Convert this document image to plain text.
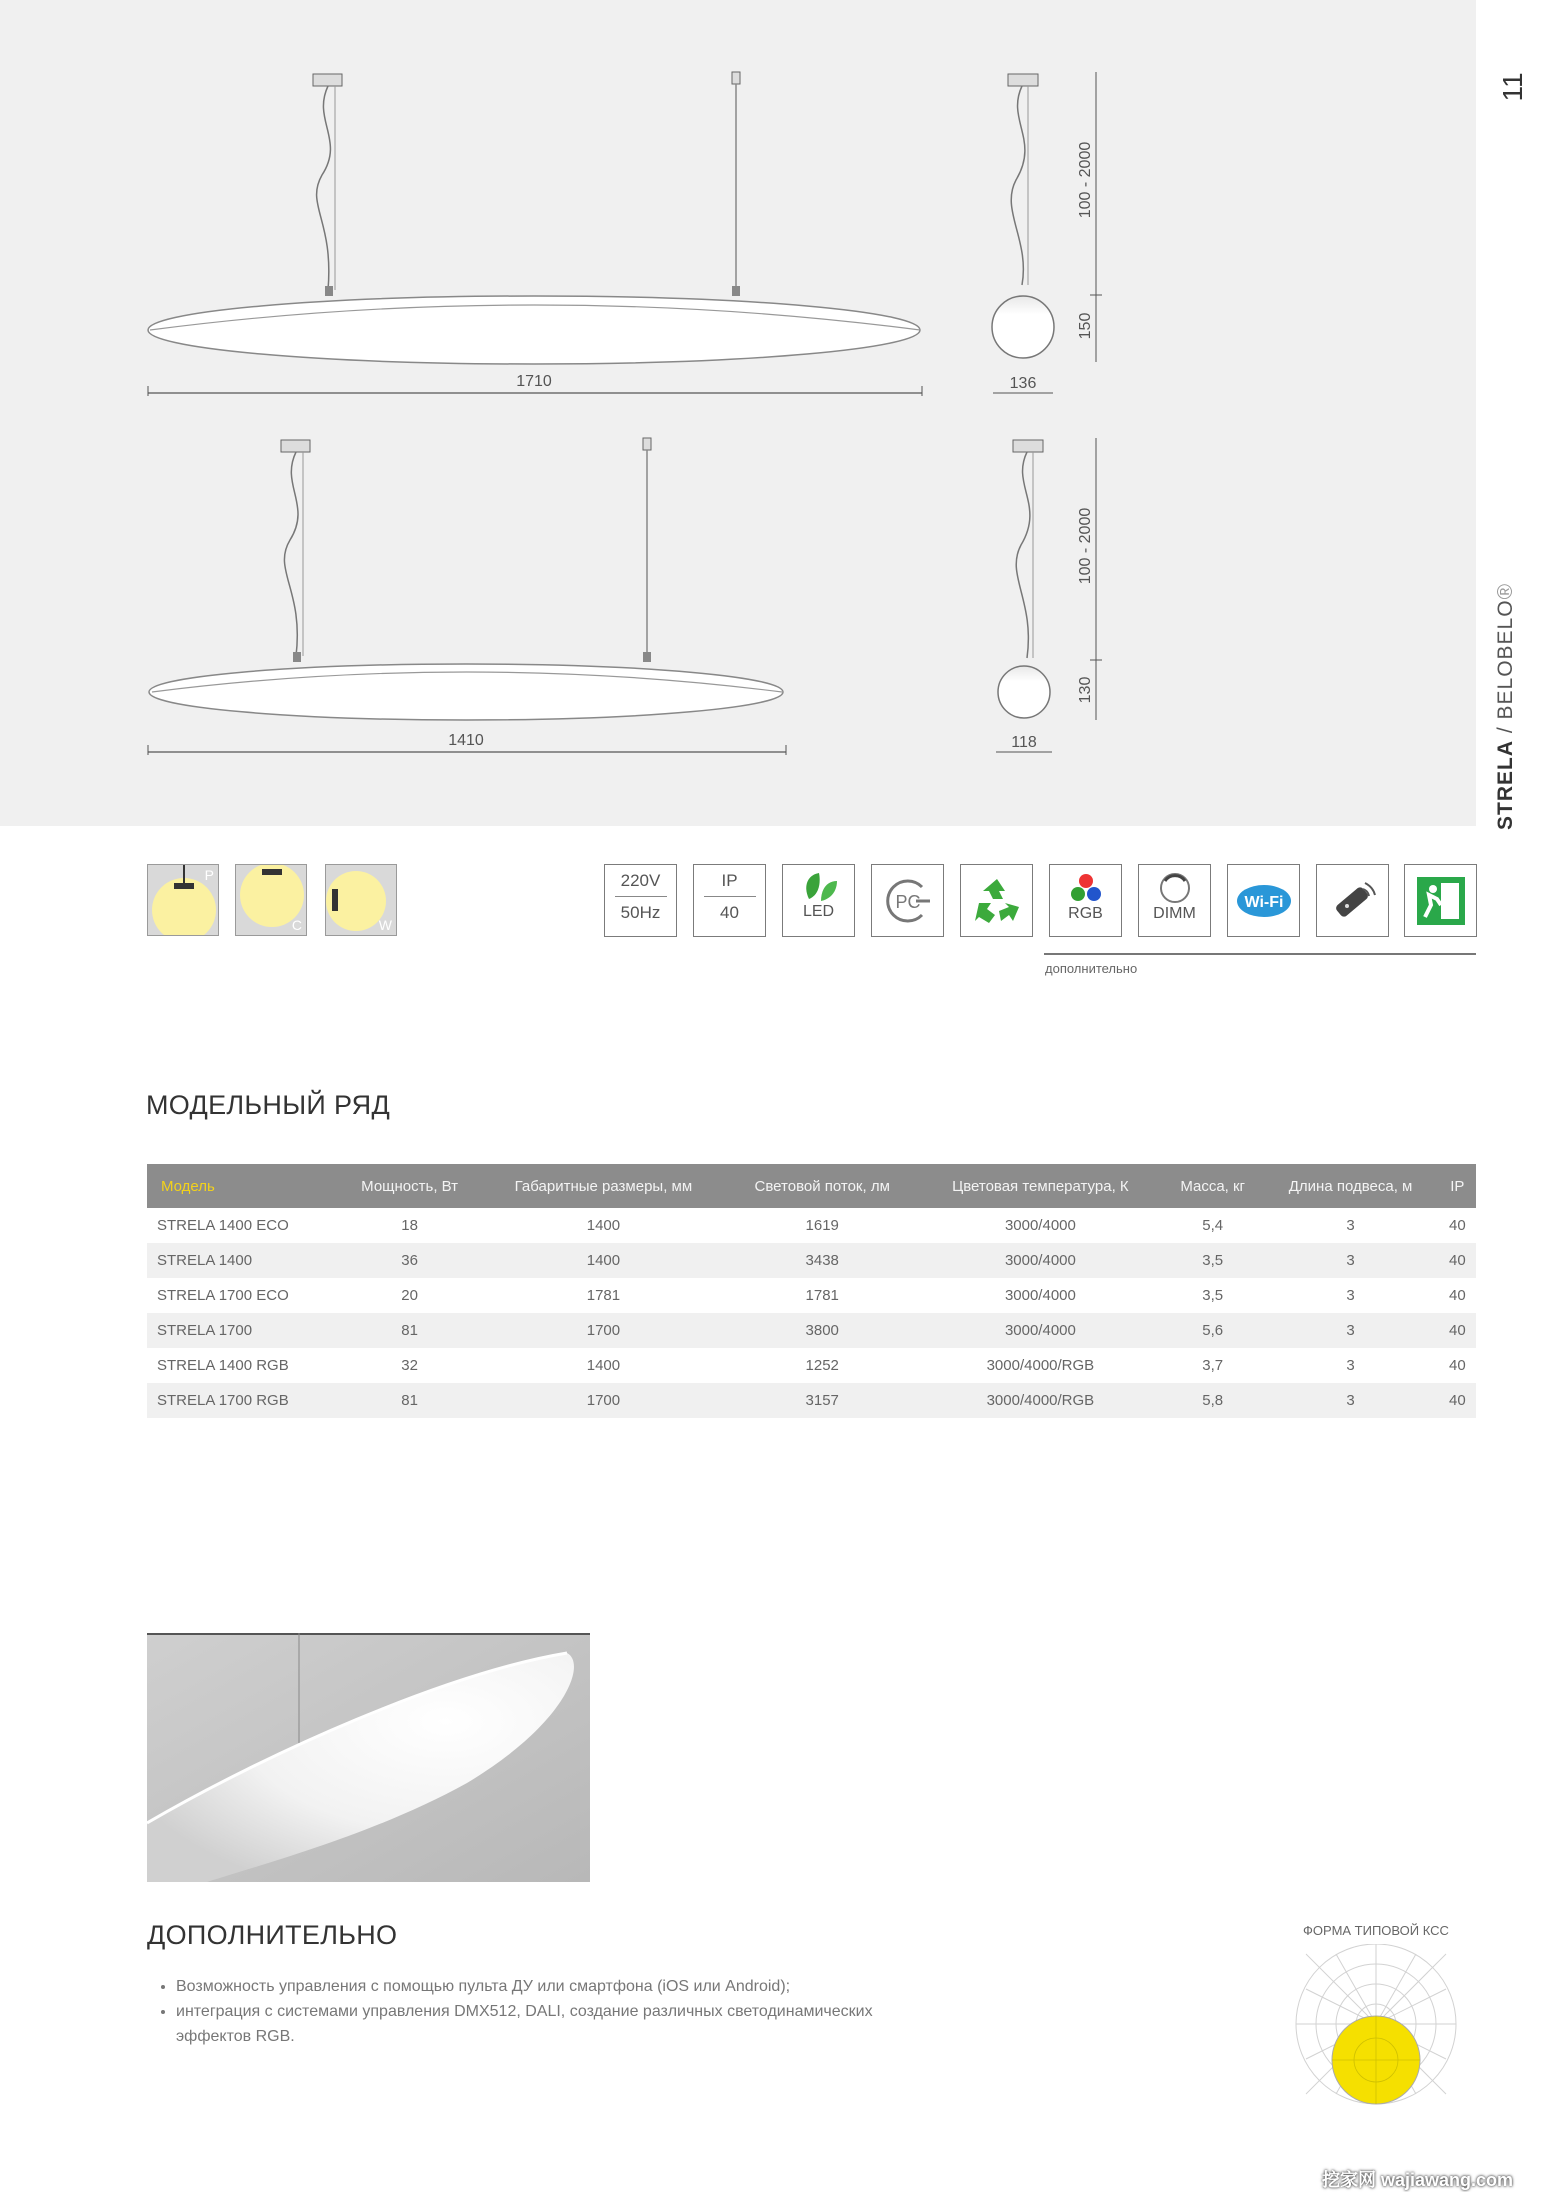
1710	136
100 - 2000
150
1410	118
100 - 2000
130
11
STRELA / BELOBELO®
P
C	W
220V
50Hz
IP
40	LED	PC
RGB	DIMM
Wi-Fi
дополнительно
МОДЕЛЬНЫЙ РЯД
Модель	Мощность, Вт	Габаритные размеры, мм	Световой поток, лм	Цветовая температура, К	Масса, кг	Длина подвеса, м	IP
STRELA 1400 ECO	18	1400	1619	3000/4000	5,4	3	40
STRELA 1400	36	1400	3438	3000/4000	3,5	3	40
STRELA 1700 ECO	20	1781	1781	3000/4000	3,5	3	40
STRELA 1700	81	1700	3800	3000/4000	5,6	3	40
STRELA 1400 RGB	32	1400	1252	3000/4000/RGB	3,7	3	40
STRELA 1700 RGB	81	1700	3157	3000/4000/RGB	5,8	3	40
ДОПОЛНИТЕЛЬНО
• Возможность управления с помощью пульта ДУ или смартфона (iOS или Android);
• интеграция с системами управления DMX512, DALI, создание различных светодинамических эффектов RGB.
ФОРМА ТИПОВОЙ КСС
挖家网 wajiawang.com
